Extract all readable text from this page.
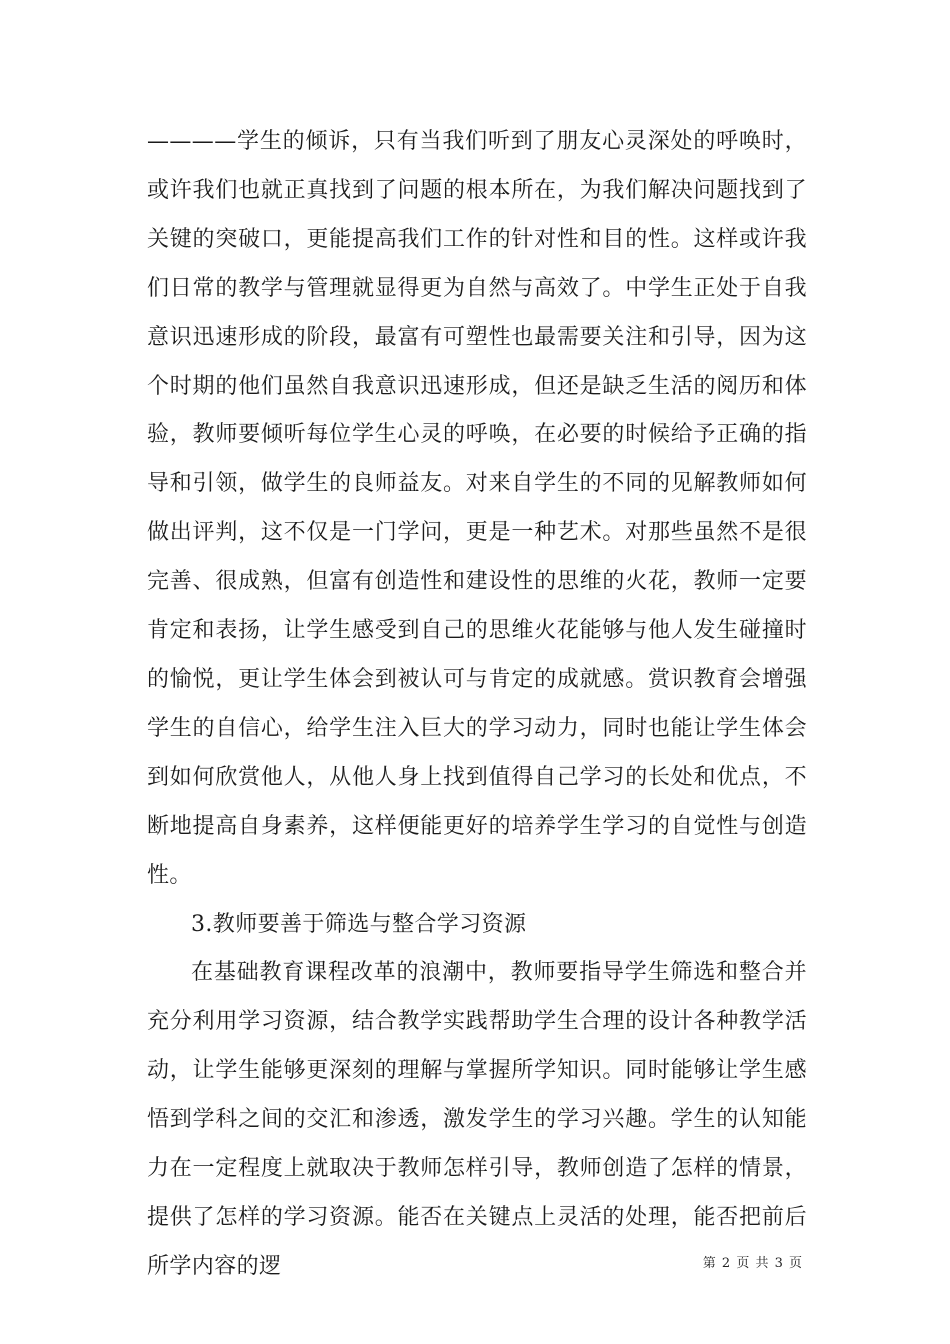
————学生的倾诉，只有当我们听到了朋友心灵深处的呼唤时，或许我们也就正真找到了问题的根本所在，为我们解决问题找到了关键的突破口，更能提高我们工作的针对性和目的性。这样或许我们日常的教学与管理就显得更为自然与高效了。中学生正处于自我意识迅速形成的阶段，最富有可塑性也最需要关注和引导，因为这个时期的他们虽然自我意识迅速形成，但还是缺乏生活的阅历和体验，教师要倾听每位学生心灵的呼唤，在必要的时候给予正确的指导和引领，做学生的良师益友。对来自学生的不同的见解教师如何做出评判，这不仅是一门学问，更是一种艺术。对那些虽然不是很完善、很成熟，但富有创造性和建设性的思维的火花，教师一定要肯定和表扬，让学生感受到自己的思维火花能够与他人发生碰撞时的愉悦，更让学生体会到被认可与肯定的成就感。赏识教育会增强学生的自信心，给学生注入巨大的学习动力，同时也能让学生体会到如何欣赏他人，从他人身上找到值得自己学习的长处和优点，不断地提高自身素养，这样便能更好的培养学生学习的自觉性与创造性。

3.教师要善于筛选与整合学习资源

在基础教育课程改革的浪潮中，教师要指导学生筛选和整合并充分利用学习资源，结合教学实践帮助学生合理的设计各种教学活动，让学生能够更深刻的理解与掌握所学知识。同时能够让学生感悟到学科之间的交汇和渗透，激发学生的学习兴趣。学生的认知能力在一定程度上就取决于教师怎样引导，教师创造了怎样的情景，提供了怎样的学习资源。能否在关键点上灵活的处理，能否把前后所学内容的逻	第 2 页 共 3 页
